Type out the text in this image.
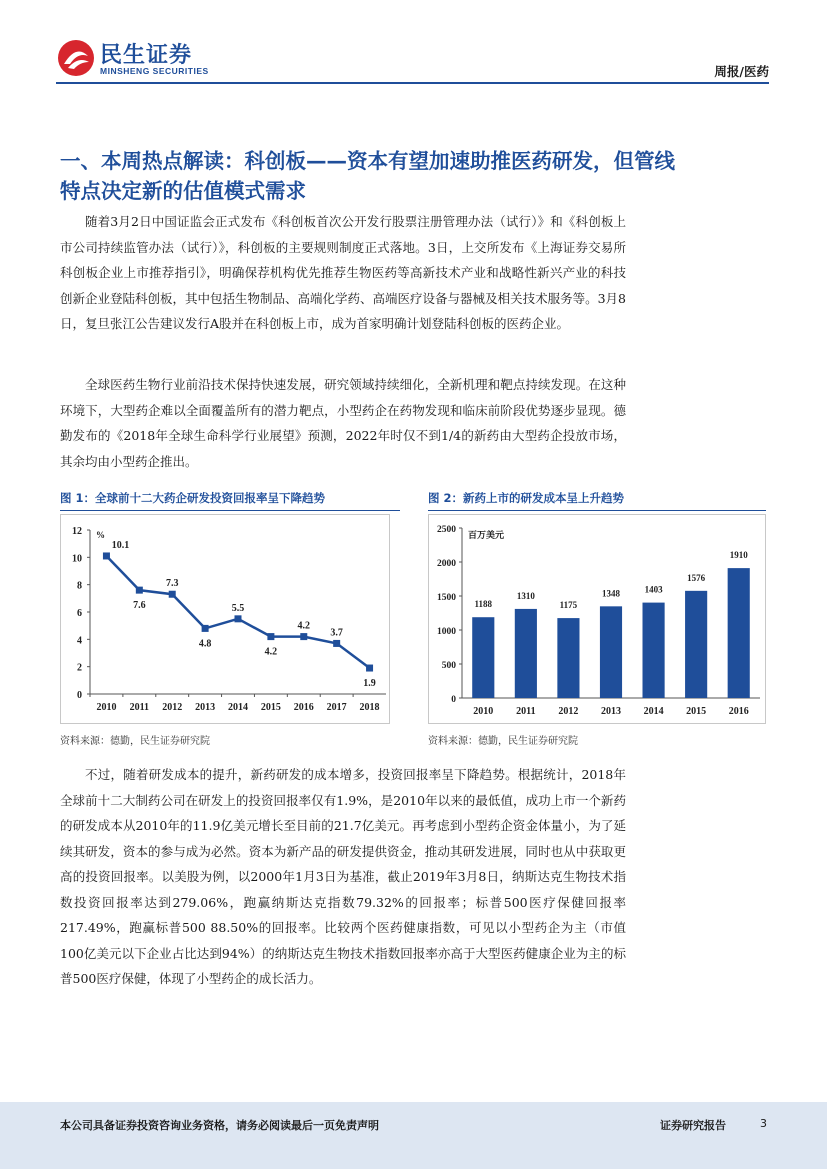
民生证券
MINSHENG SECURITIES	周报/医药
一、本周热点解读：科创板——资本有望加速助推医药研发，但管线特点决定新的估值模式需求
随着3月2日中国证监会正式发布《科创板首次公开发行股票注册管理办法（试行）》和《科创板上市公司持续监管办法（试行）》，科创板的主要规则制度正式落地。3日，上交所发布《上海证券交易所科创板企业上市推荐指引》，明确保荐机构优先推荐生物医药等高新技术产业和战略性新兴产业的科技创新企业登陆科创板，其中包括生物制品、高端化学药、高端医疗设备与器械及相关技术服务等。3月8日，复旦张江公告建议发行A股并在科创板上市，成为首家明确计划登陆科创板的医药企业。
全球医药生物行业前沿技术保持快速发展，研究领域持续细化，全新机理和靶点持续发现。在这种环境下，大型药企难以全面覆盖所有的潜力靶点，小型药企在药物发现和临床前阶段优势逐步显现。德勤发布的《2018年全球生命科学行业展望》预测，2022年时仅不到1/4的新药由大型药企投放市场，其余均由小型药企推出。
图 1：全球前十二大药企研发投资回报率呈下降趋势	图 2：新药上市的研发成本呈上升趋势
0
2
4
6
8
10
12 %
2010 2011 2012 2013 2014 2015 2016 2017 2018
10.1
7.6
7.3
4.8
5.5
4.2
4.2
3.7
1.9
0
500
1000
1500
2000
2500 百万美元
2010 2011 2012 2013 2014 2015 2016
1188
1310
1175
1348	1403
1576
1910
资料来源：德勤，民生证券研究院	资料来源：德勤，民生证券研究院
不过，随着研发成本的提升，新药研发的成本增多，投资回报率呈下降趋势。根据统计，2018年全球前十二大制药公司在研发上的投资回报率仅有1.9%，是2010年以来的最低值，成功上市一个新药的研发成本从2010年的11.9亿美元增长至目前的21.7亿美元。再考虑到小型药企资金体量小，为了延续其研发，资本的参与成为必然。资本为新产品的研发提供资金，推动其研发进展，同时也从中获取更高的投资回报率。以美股为例，以2000年1月3日为基准，截止2019年3月8日，纳斯达克生物技术指数投资回报率达到279.06%，跑赢纳斯达克指数79.32%的回报率；标普500医疗保健回报率217.49%，跑赢标普500 88.50%的回报率。比较两个医药健康指数，可见以小型药企为主（市值100亿美元以下企业占比达到94%）的纳斯达克生物技术指数回报率亦高于大型医药健康企业为主的标普500医疗保健，体现了小型药企的成长活力。
本公司具备证券投资咨询业务资格，请务必阅读最后一页免责声明	证券研究报告	3
